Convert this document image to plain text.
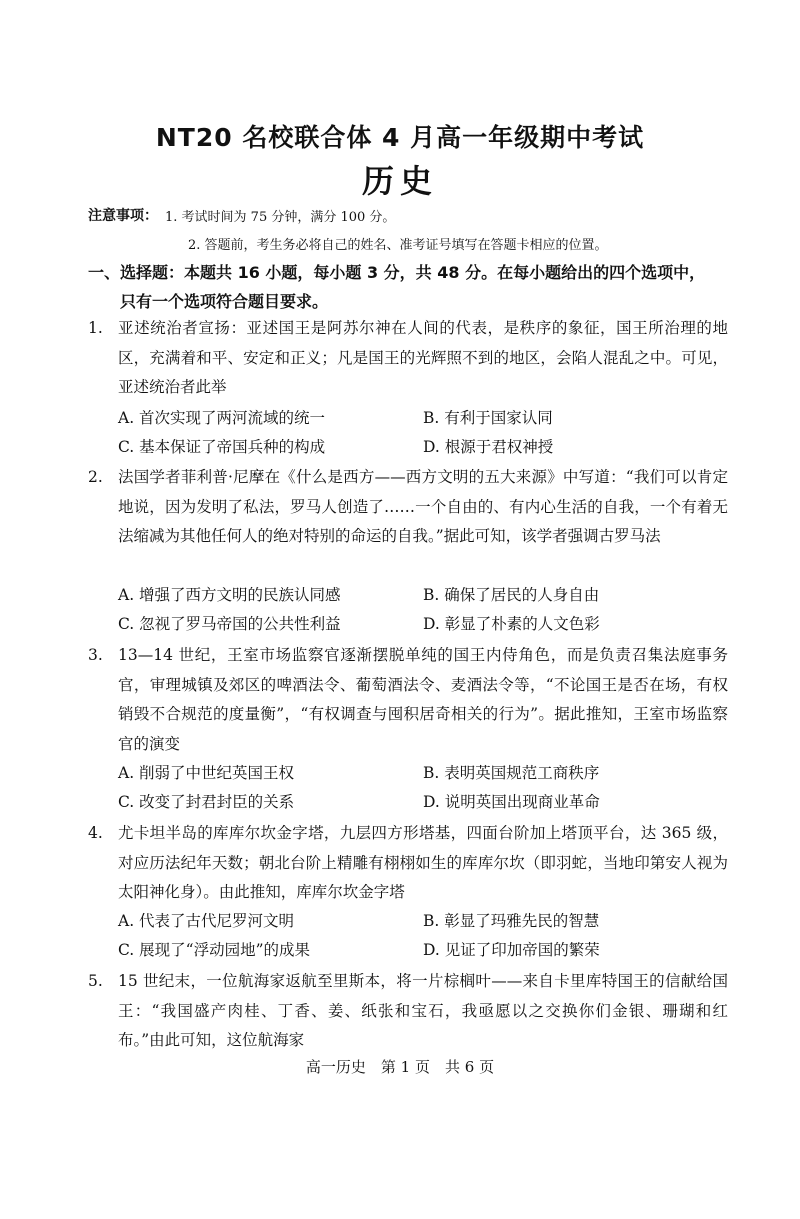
NT20 名校联合体 4 月高一年级期中考试
历史
注意事项： 1. 考试时间为 75 分钟，满分 100 分。
2. 答题前，考生务必将自己的姓名、准考证号填写在答题卡相应的位置。
一、选择题：本题共 16 小题，每小题 3 分，共 48 分。在每小题给出的四个选项中，
只有一个选项符合题目要求。
1. 亚述统治者宣扬：亚述国王是阿苏尔神在人间的代表，是秩序的象征，国王所治理的地区，充满着和平、安定和正义；凡是国王的光辉照不到的地区，会陷人混乱之中。可见，亚述统治者此举
A. 首次实现了两河流域的统一	B. 有利于国家认同
C. 基本保证了帝国兵种的构成	D. 根源于君权神授
2. 法国学者菲利普·尼摩在《什么是西方——西方文明的五大来源》中写道：“我们可以肯定地说，因为发明了私法，罗马人创造了……一个自由的、有内心生活的自我，一个有着无法缩减为其他任何人的绝对特别的命运的自我。”据此可知，该学者强调古罗马法
A. 增强了西方文明的民族认同感	B. 确保了居民的人身自由
C. 忽视了罗马帝国的公共性利益	D. 彰显了朴素的人文色彩
3. 13—14 世纪，王室市场监察官逐渐摆脱单纯的国王内侍角色，而是负责召集法庭事务官，审理城镇及郊区的啤酒法令、葡萄酒法令、麦酒法令等，“不论国王是否在场，有权销毁不合规范的度量衡”，“有权调查与囤积居奇相关的行为”。据此推知，王室市场监察官的演变
A. 削弱了中世纪英国王权	B. 表明英国规范工商秩序
C. 改变了封君封臣的关系	D. 说明英国出现商业革命
4. 尤卡坦半岛的库库尔坎金字塔，九层四方形塔基，四面台阶加上塔顶平台，达 365 级，对应历法纪年天数；朝北台阶上精雕有栩栩如生的库库尔坎（即羽蛇，当地印第安人视为太阳神化身）。由此推知，库库尔坎金字塔
A. 代表了古代尼罗河文明	B. 彰显了玛雅先民的智慧
C. 展现了“浮动园地”的成果	D. 见证了印加帝国的繁荣
5. 15 世纪末，一位航海家返航至里斯本，将一片棕榈叶——来自卡里库特国王的信献给国王：“我国盛产肉桂、丁香、姜、纸张和宝石，我亟愿以之交换你们金银、珊瑚和红布。”由此可知，这位航海家
高一历史　第 1 页　共 6 页
